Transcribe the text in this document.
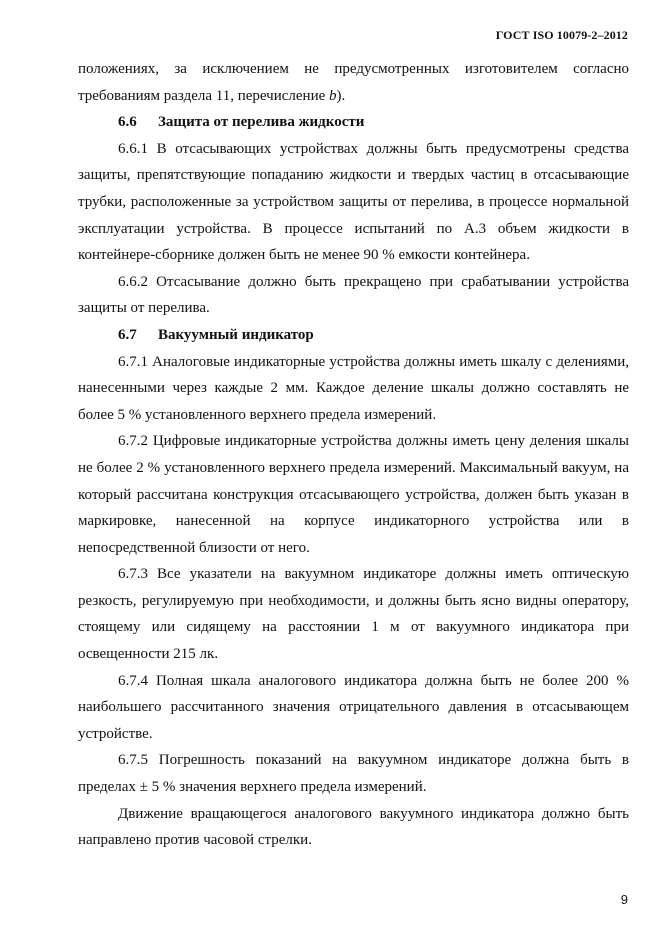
ГОСТ ISO 10079-2–2012

положениях, за исключением не предусмотренных изготовителем согласно требованиям раздела 11, перечисление b).

6.6 Защита от перелива жидкости

6.6.1 В отсасывающих устройствах должны быть предусмотрены средства защиты, препятствующие попаданию жидкости и твердых частиц в отсасывающие трубки, расположенные за устройством защиты от перелива, в процессе нормальной эксплуатации устройства. В процессе испытаний по А.3 объем жидкости в контейнере-сборнике должен быть не менее 90 % емкости контейнера.

6.6.2 Отсасывание должно быть прекращено при срабатывании устройства защиты от перелива.

6.7 Вакуумный индикатор

6.7.1 Аналоговые индикаторные устройства должны иметь шкалу с делениями, нанесенными через каждые 2 мм. Каждое деление шкалы должно составлять не более 5 % установленного верхнего предела измерений.

6.7.2 Цифровые индикаторные устройства должны иметь цену деления шкалы не более 2 % установленного верхнего предела измерений. Максимальный вакуум, на который рассчитана конструкция отсасывающего устройства, должен быть указан в маркировке, нанесенной на корпусе индикаторного устройства или в непосредственной близости от него.

6.7.3 Все указатели на вакуумном индикаторе должны иметь оптическую резкость, регулируемую при необходимости, и должны быть ясно видны оператору, стоящему или сидящему на расстоянии 1 м от вакуумного индикатора при освещенности 215 лк.

6.7.4 Полная шкала аналогового индикатора должна быть не более 200 % наибольшего рассчитанного значения отрицательного давления в отсасывающем устройстве.

6.7.5 Погрешность показаний на вакуумном индикаторе должна быть в пределах ± 5 % значения верхнего предела измерений.

Движение вращающегося аналогового вакуумного индикатора должно быть направлено против часовой стрелки.

9
